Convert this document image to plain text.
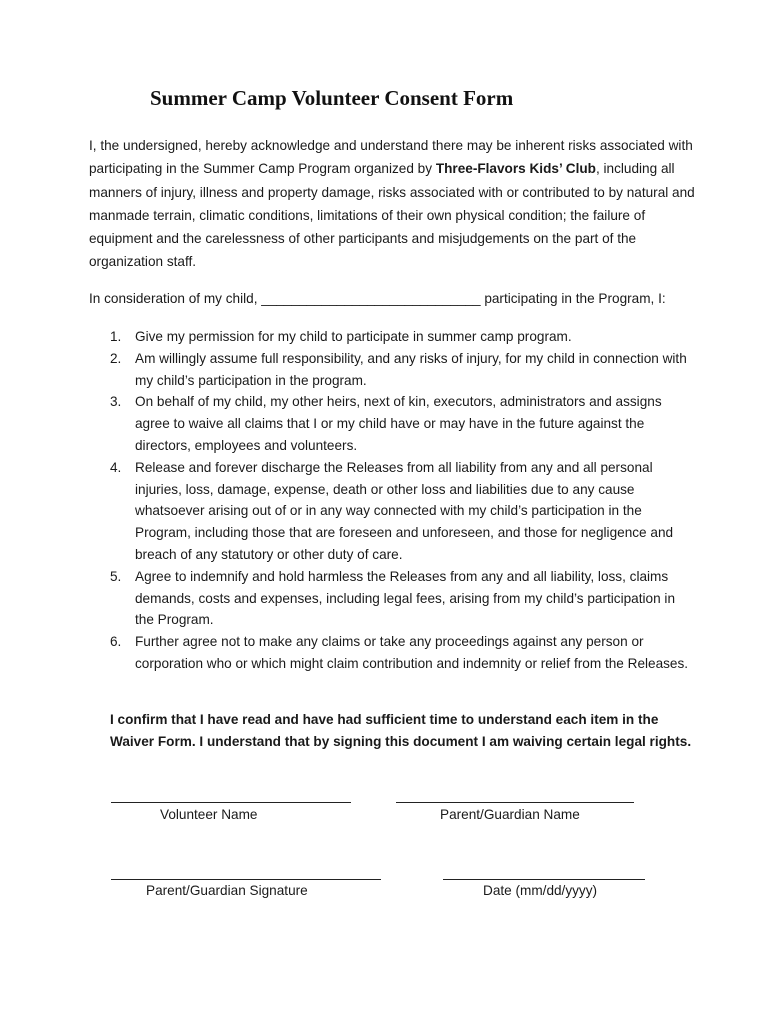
Summer Camp Volunteer Consent Form

I, the undersigned, hereby acknowledge and understand there may be inherent risks associated with participating in the Summer Camp Program organized by Three-Flavors Kids’ Club, including all manners of injury, illness and property damage, risks associated with or contributed to by natural and manmade terrain, climatic conditions, limitations of their own physical condition; the failure of equipment and the carelessness of other participants and misjudgements on the part of the organization staff.

In consideration of my child, _____________________________ participating in the Program, I:

1. Give my permission for my child to participate in summer camp program.
2. Am willingly assume full responsibility, and any risks of injury, for my child in connection with my child’s participation in the program.
3. On behalf of my child, my other heirs, next of kin, executors, administrators and assigns agree to waive all claims that I or my child have or may have in the future against the directors, employees and volunteers.
4. Release and forever discharge the Releases from all liability from any and all personal injuries, loss, damage, expense, death or other loss and liabilities due to any cause whatsoever arising out of or in any way connected with my child’s participation in the Program, including those that are foreseen and unforeseen, and those for negligence and breach of any statutory or other duty of care.
5. Agree to indemnify and hold harmless the Releases from any and all liability, loss, claims demands, costs and expenses, including legal fees, arising from my child’s participation in the Program.
6. Further agree not to make any claims or take any proceedings against any person or corporation who or which might claim contribution and indemnity or relief from the Releases.

I confirm that I have read and have had sufficient time to understand each item in the Waiver Form. I understand that by signing this document I am waiving certain legal rights.

Volunteer Name	Parent/Guardian Name
Parent/Guardian Signature	Date (mm/dd/yyyy)
